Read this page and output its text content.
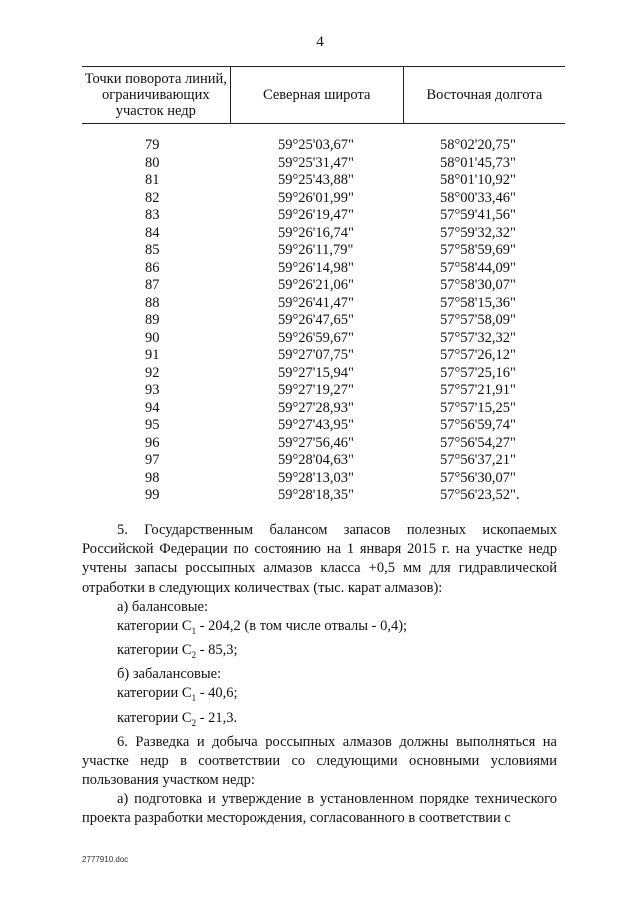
4
Точки поворота линий, ограничивающих участок недр	Северная широта	Восточная долгота
79	59°25'03,67"	58°02'20,75"
80	59°25'31,47"	58°01'45,73"
81	59°25'43,88"	58°01'10,92"
82	59°26'01,99"	58°00'33,46"
83	59°26'19,47"	57°59'41,56"
84	59°26'16,74"	57°59'32,32"
85	59°26'11,79"	57°58'59,69"
86	59°26'14,98"	57°58'44,09"
87	59°26'21,06"	57°58'30,07"
88	59°26'41,47"	57°58'15,36"
89	59°26'47,65"	57°57'58,09"
90	59°26'59,67"	57°57'32,32"
91	59°27'07,75"	57°57'26,12"
92	59°27'15,94"	57°57'25,16"
93	59°27'19,27"	57°57'21,91"
94	59°27'28,93"	57°57'15,25"
95	59°27'43,95"	57°56'59,74"
96	59°27'56,46"	57°56'54,27"
97	59°28'04,63"	57°56'37,21"
98	59°28'13,03"	57°56'30,07"
99	59°28'18,35"	57°56'23,52".

5. Государственным балансом запасов полезных ископаемых Российской Федерации по состоянию на 1 января 2015 г. на участке недр учтены запасы россыпных алмазов класса +0,5 мм для гидравлической отработки в следующих количествах (тыс. карат алмазов):

а) балансовые:

категории $C_1 - 204,2$ (в том числе отвалы - 0,4);

категории $C_2 - 85,3$;

б) забалансовые:

категории $C_1 - 40,6$;

категории $C_2 - 21,3$.

6. Разведка и добыча россыпных алмазов должны выполняться на участке недр в соответствии со следующими основными условиями пользования участком недр:

а) подготовка и утверждение в установленном порядке технического проекта разработки месторождения, согласованного в соответствии с

2777910.doc
